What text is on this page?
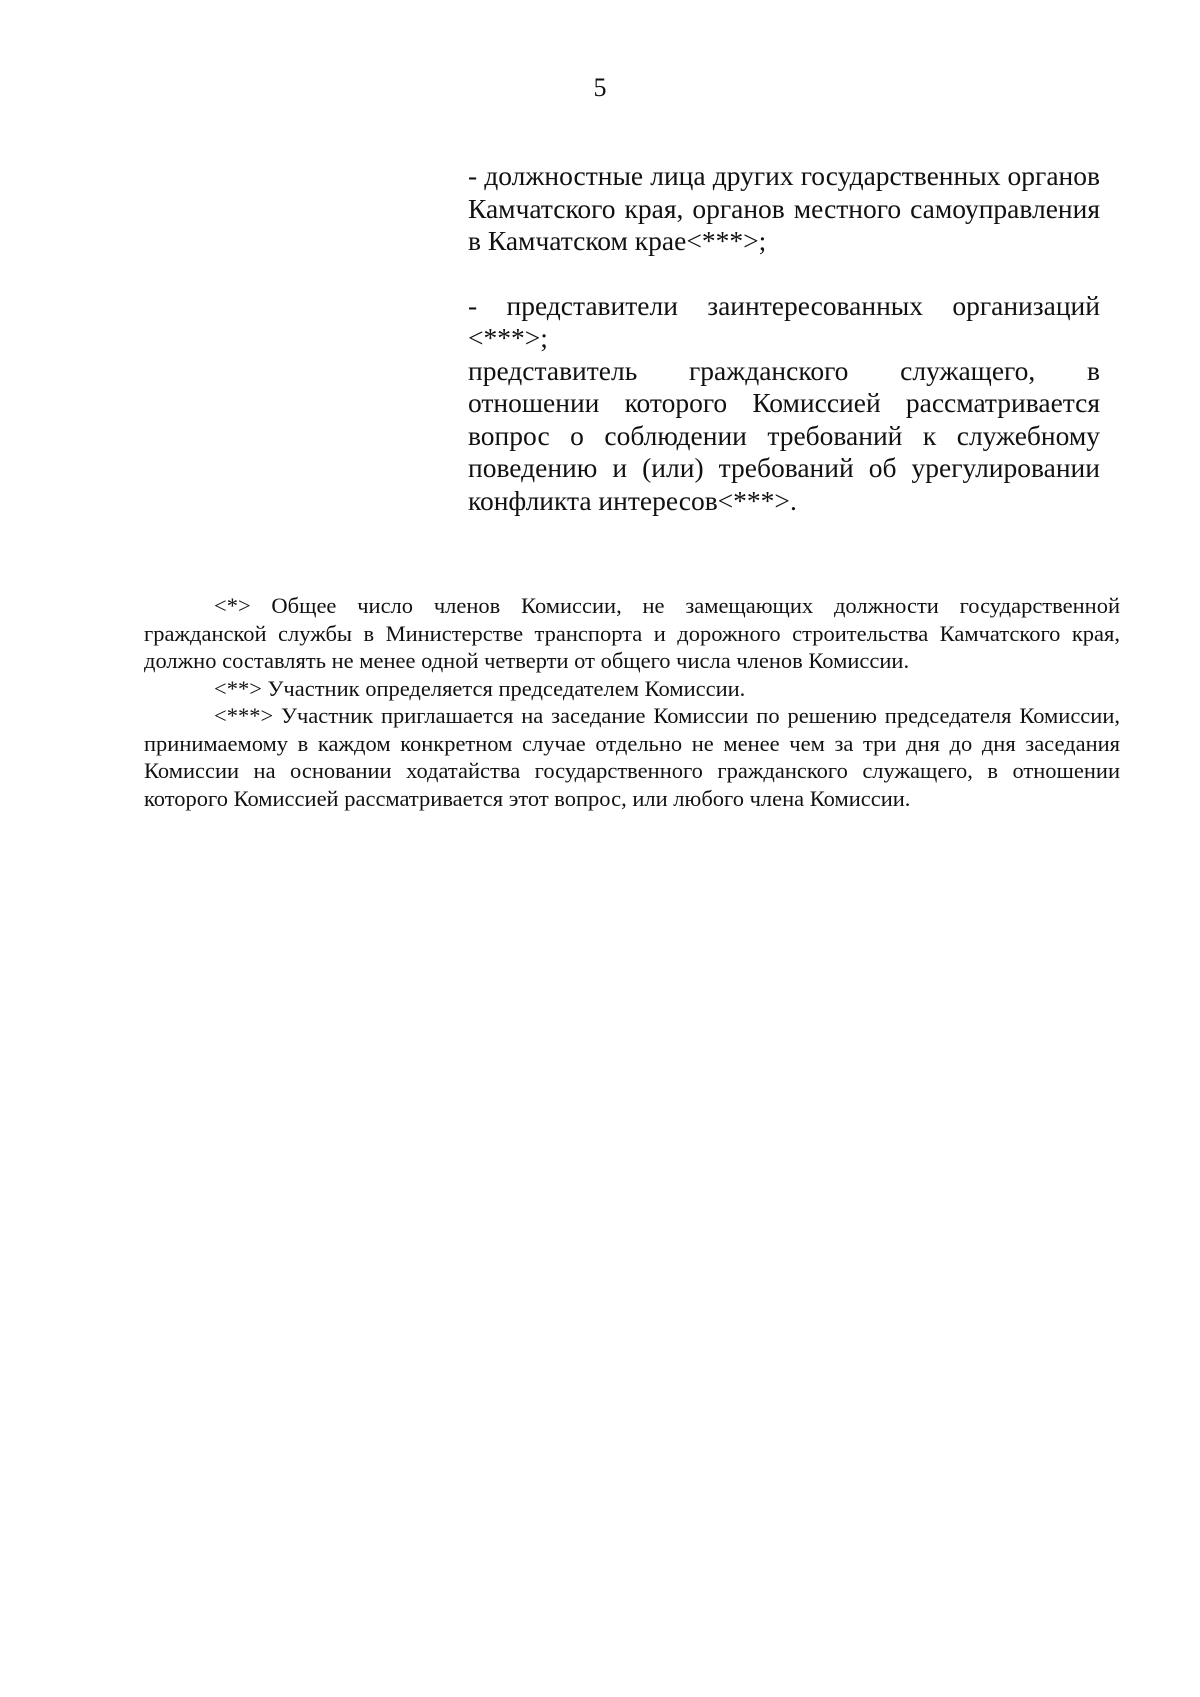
5

- должностные лица других государственных органов Камчатского края, органов местного самоуправления в Камчатском крае<***>;

- представители заинтересованных организаций <***>;

представитель гражданского служащего, в отношении которого Комиссией рассматривается вопрос о соблюдении требований к служебному поведению и (или) требований об урегулировании конфликта интересов<***>.

<*> Общее число членов Комиссии, не замещающих должности государственной гражданской службы в Министерстве транспорта и дорожного строительства Камчатского края, должно составлять не менее одной четверти от общего числа членов Комиссии.

<**> Участник определяется председателем Комиссии.

<***> Участник приглашается на заседание Комиссии по решению председателя Комиссии, принимаемому в каждом конкретном случае отдельно не менее чем за три дня до дня заседания Комиссии на основании ходатайства государственного гражданского служащего, в отношении которого Комиссией рассматривается этот вопрос, или любого члена Комиссии.
